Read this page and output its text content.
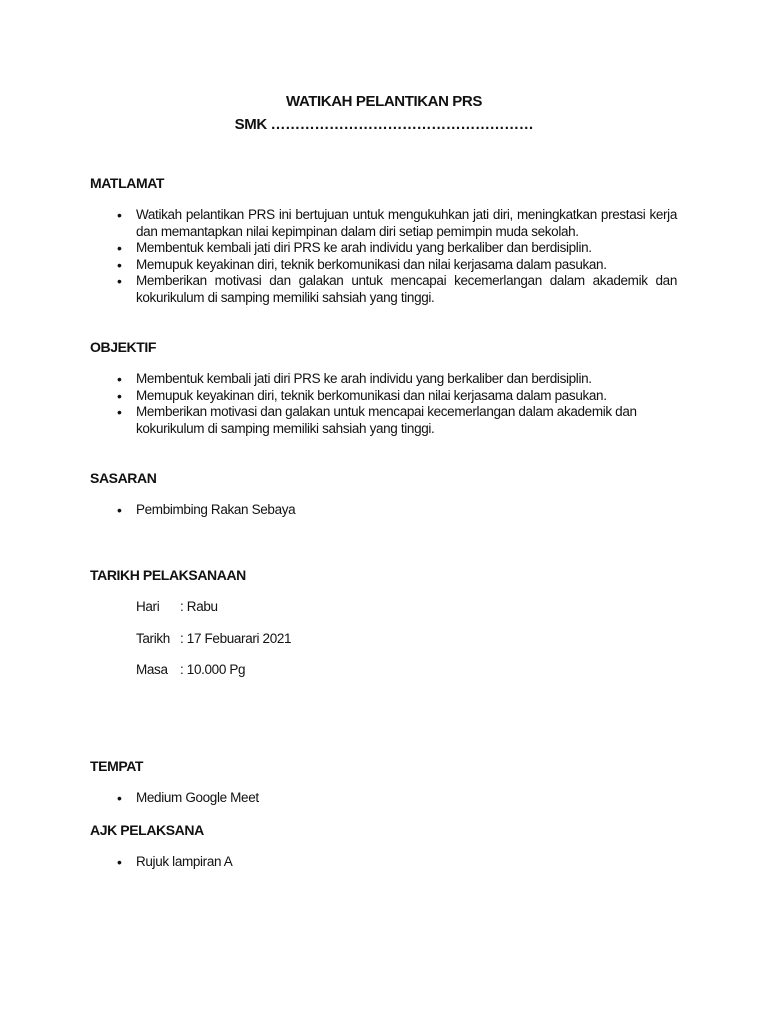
WATIKAH PELANTIKAN PRS
SMK ………………………………………………
MATLAMAT
• Watikah pelantikan PRS ini bertujuan untuk mengukuhkan jati diri, meningkatkan prestasi kerja dan memantapkan nilai kepimpinan dalam diri setiap pemimpin muda sekolah.
• Membentuk kembali jati diri PRS ke arah individu yang berkaliber dan berdisiplin.
• Memupuk keyakinan diri, teknik berkomunikasi dan nilai kerjasama dalam pasukan.
• Memberikan motivasi dan galakan untuk mencapai kecemerlangan dalam akademik dan kokurikulum di samping memiliki sahsiah yang tinggi.
OBJEKTIF
• Membentuk kembali jati diri PRS ke arah individu yang berkaliber dan berdisiplin.
• Memupuk keyakinan diri, teknik berkomunikasi dan nilai kerjasama dalam pasukan.
• Memberikan motivasi dan galakan untuk mencapai kecemerlangan dalam akademik dan kokurikulum di samping memiliki sahsiah yang tinggi.
SASARAN
• Pembimbing Rakan Sebaya
TARIKH PELAKSANAAN
Hari : Rabu
Tarikh : 17 Febuarari 2021
Masa : 10.000 Pg
TEMPAT
• Medium Google Meet
AJK PELAKSANA
• Rujuk lampiran A
